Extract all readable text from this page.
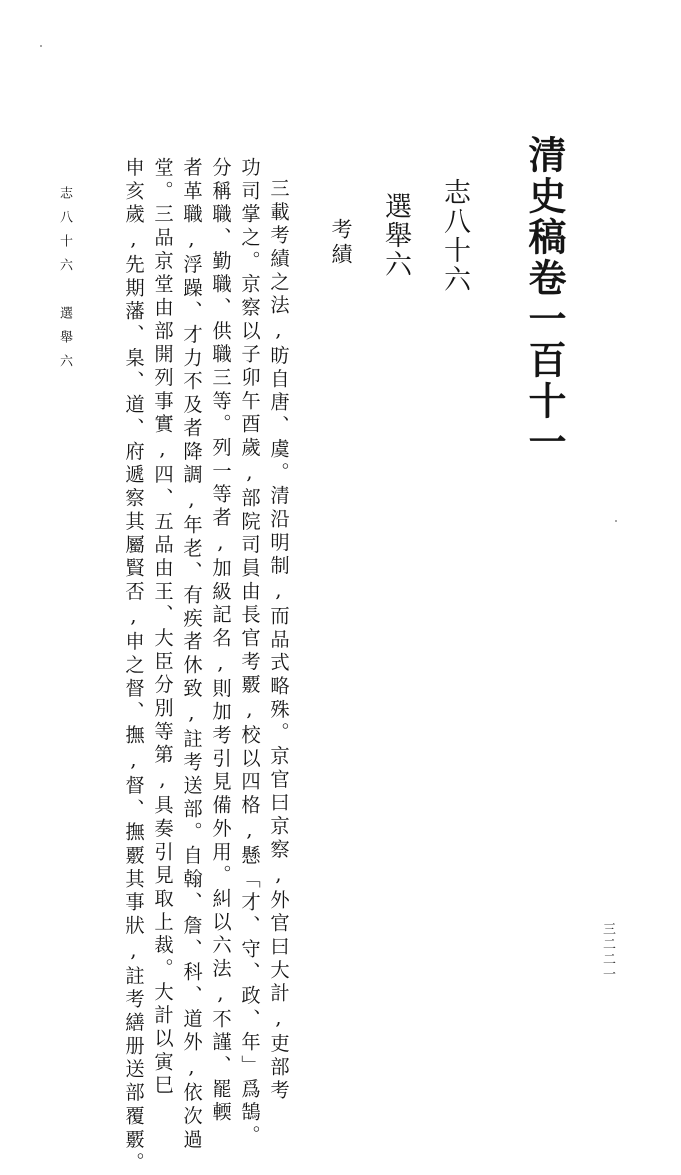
清史稿卷一百十一
志八十六
選舉六
考績
三載考績之法,昉自唐、虞。清沿明制,而品式略殊。京官曰京察,外官曰大計,吏部考
功司掌之。京察以子卯午酉歲,部院司員由長官考覈,校以四格,懸「才、守、政、年」爲鵠。
分稱職、勤職、供職三等。列一等者,加級記名,則加考引見備外用。糾以六法,不謹、罷輭
者革職,浮躁、才力不及者降調,年老、有疾者休致,註考送部。自翰、詹、科、道外,依次過
堂。三品京堂由部開列事實,四、五品由王、大臣分別等第,具奏引見取上裁。大計以寅巳
申亥歲,先期藩、臬、道、府遞察其屬賢否,申之督、撫,督、撫覈其事狀,註考繕册送部覆覈。
志八十六　選舉六
三二二一
